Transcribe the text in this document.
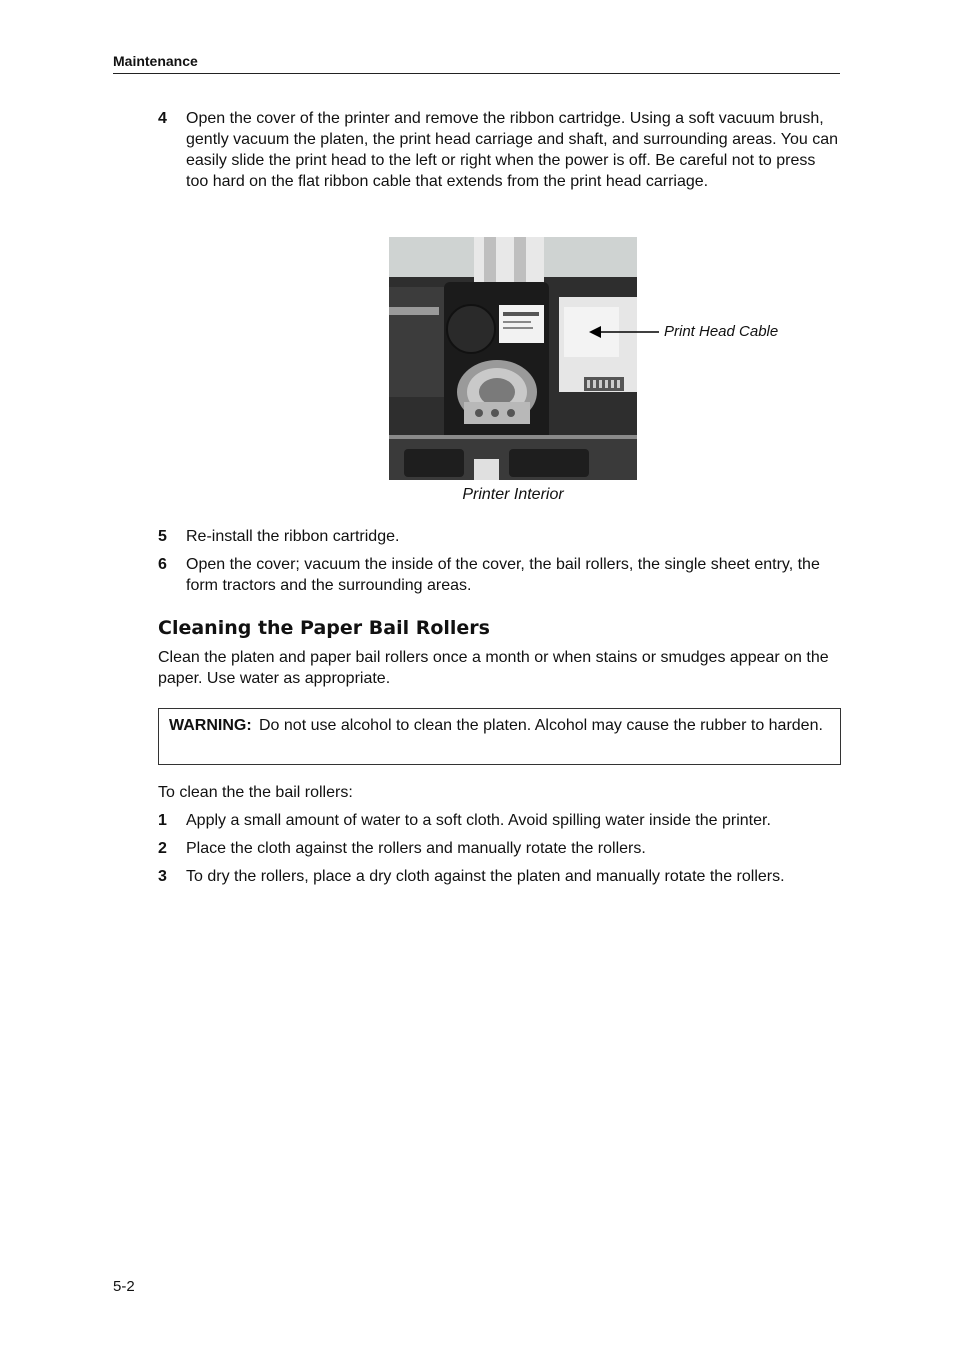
Maintenance
4	Open the cover of the printer and remove the ribbon cartridge. Using a soft vacuum brush, gently vacuum the platen, the print head carriage and shaft, and surrounding areas. You can easily slide the print head to the left or right when the power is off. Be careful not to press too hard on the flat ribbon cable that extends from the print head carriage.
Print Head Cable
Printer Interior
5	Re-install the ribbon cartridge.
6	Open the cover; vacuum the inside of the cover, the bail rollers, the single sheet entry, the form tractors and the surrounding areas.
Cleaning the Paper Bail Rollers
Clean the platen and paper bail rollers once a month or when stains or smudges appear on the paper. Use water as appropriate.
WARNING: Do not use alcohol to clean the platen. Alcohol may cause the rubber to harden.
To clean the the bail rollers:
1	Apply a small amount of water to a soft cloth. Avoid spilling water inside the printer.
2	Place the cloth against the rollers and manually rotate the rollers.
3	To dry the rollers, place a dry cloth against the platen and manually rotate the rollers.
5-2
